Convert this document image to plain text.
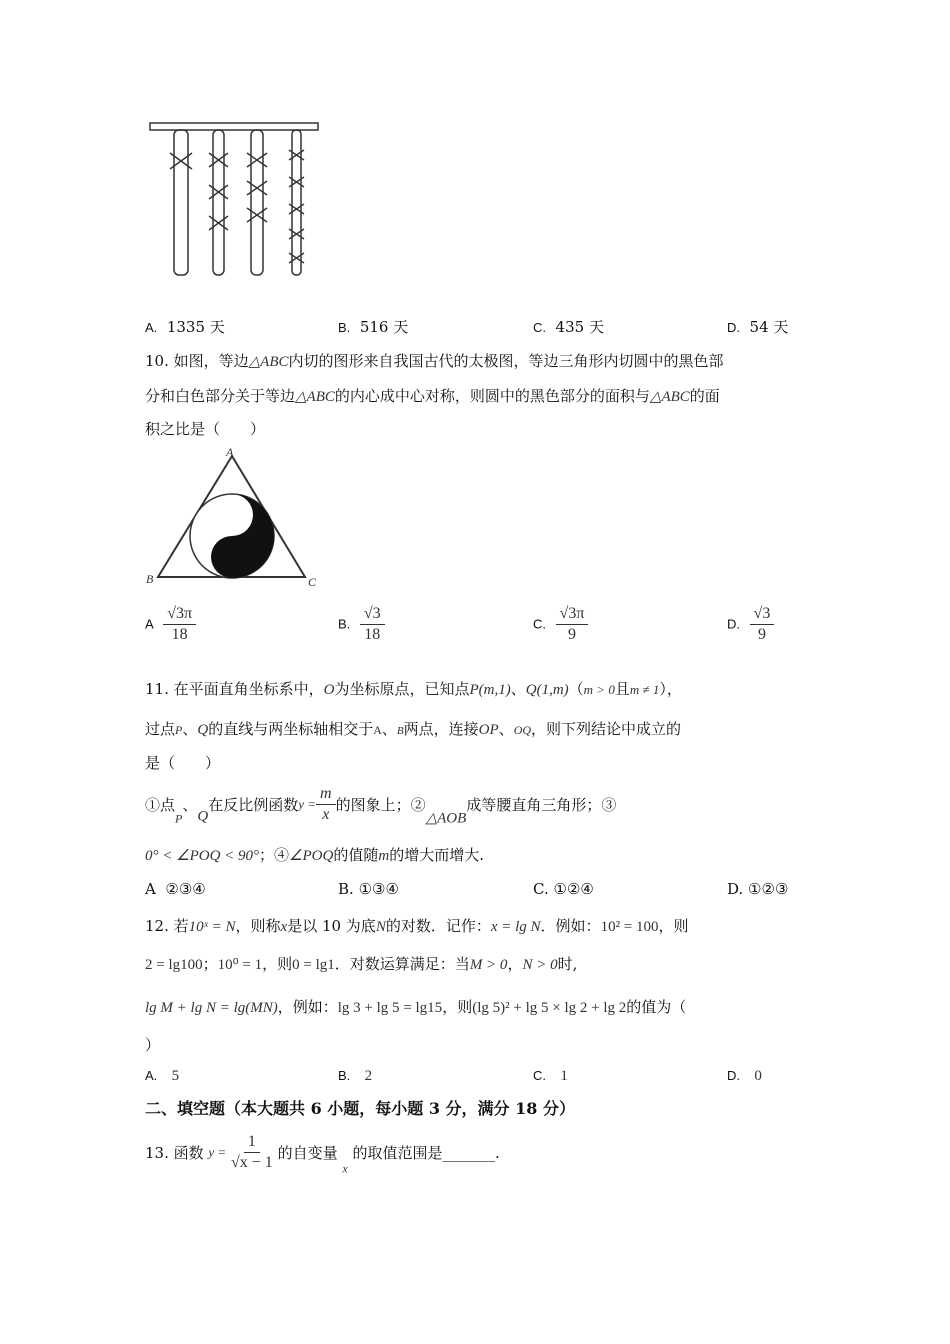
A. 1335 天	B. 516 天	C. 435 天	D. 54 天
10. 如图，等边△ABC内切的图形来自我国古代的太极图，等边三角形内切圆中的黑色部
分和白色部分关于等边△ABC的内心成中心对称，则圆中的黑色部分的面积与△ABC的面
积之比是（　　）
A
B	C
A $\frac{√3\pi}{18}$	B. $\frac{√3}{18}$	C. $\frac{√3\pi}{9}$	D. $\frac{√3}{9}$
11. 在平面直角坐标系中，O为坐标原点，已知点P(m,1)、Q(1,m)（m > 0且m ≠ 1），
过点P、Q的直线与两坐标轴相交于A、B两点，连接OP、OQ，则下列结论中成立的
是（　　）
①点$_P$、Q在反比例函数$y = \frac{m}{x}$ 的图象上；②△AOB成等腰直角三角形；③
0° < ∠POQ < 90°；④∠POQ的值随m的增大而增大.
A ②③④	B. ①③④	C. ①②④	D. ①②③
12. 若10ˣ = N，则称x是以 10 为底N的对数．记作：x = lg N．例如：10² = 100，则
2 = lg100；10⁰ = 1，则0 = lg1．对数运算满足：当M > 0，N > 0时,
lg M + lg N = lg(MN)，例如：lg 3 + lg 5 = lg15，则(lg 5)² + lg 5 × lg 2 + lg 2的值为（
）
A. 5	B. 2	C. 1	D. 0
二、填空题（本大题共 6 小题，每小题 3 分，满分 18 分）
13. 函数 $y = \frac{1}{√x - 1}$ 的自变量 $_x$ 的取值范围是_______.
